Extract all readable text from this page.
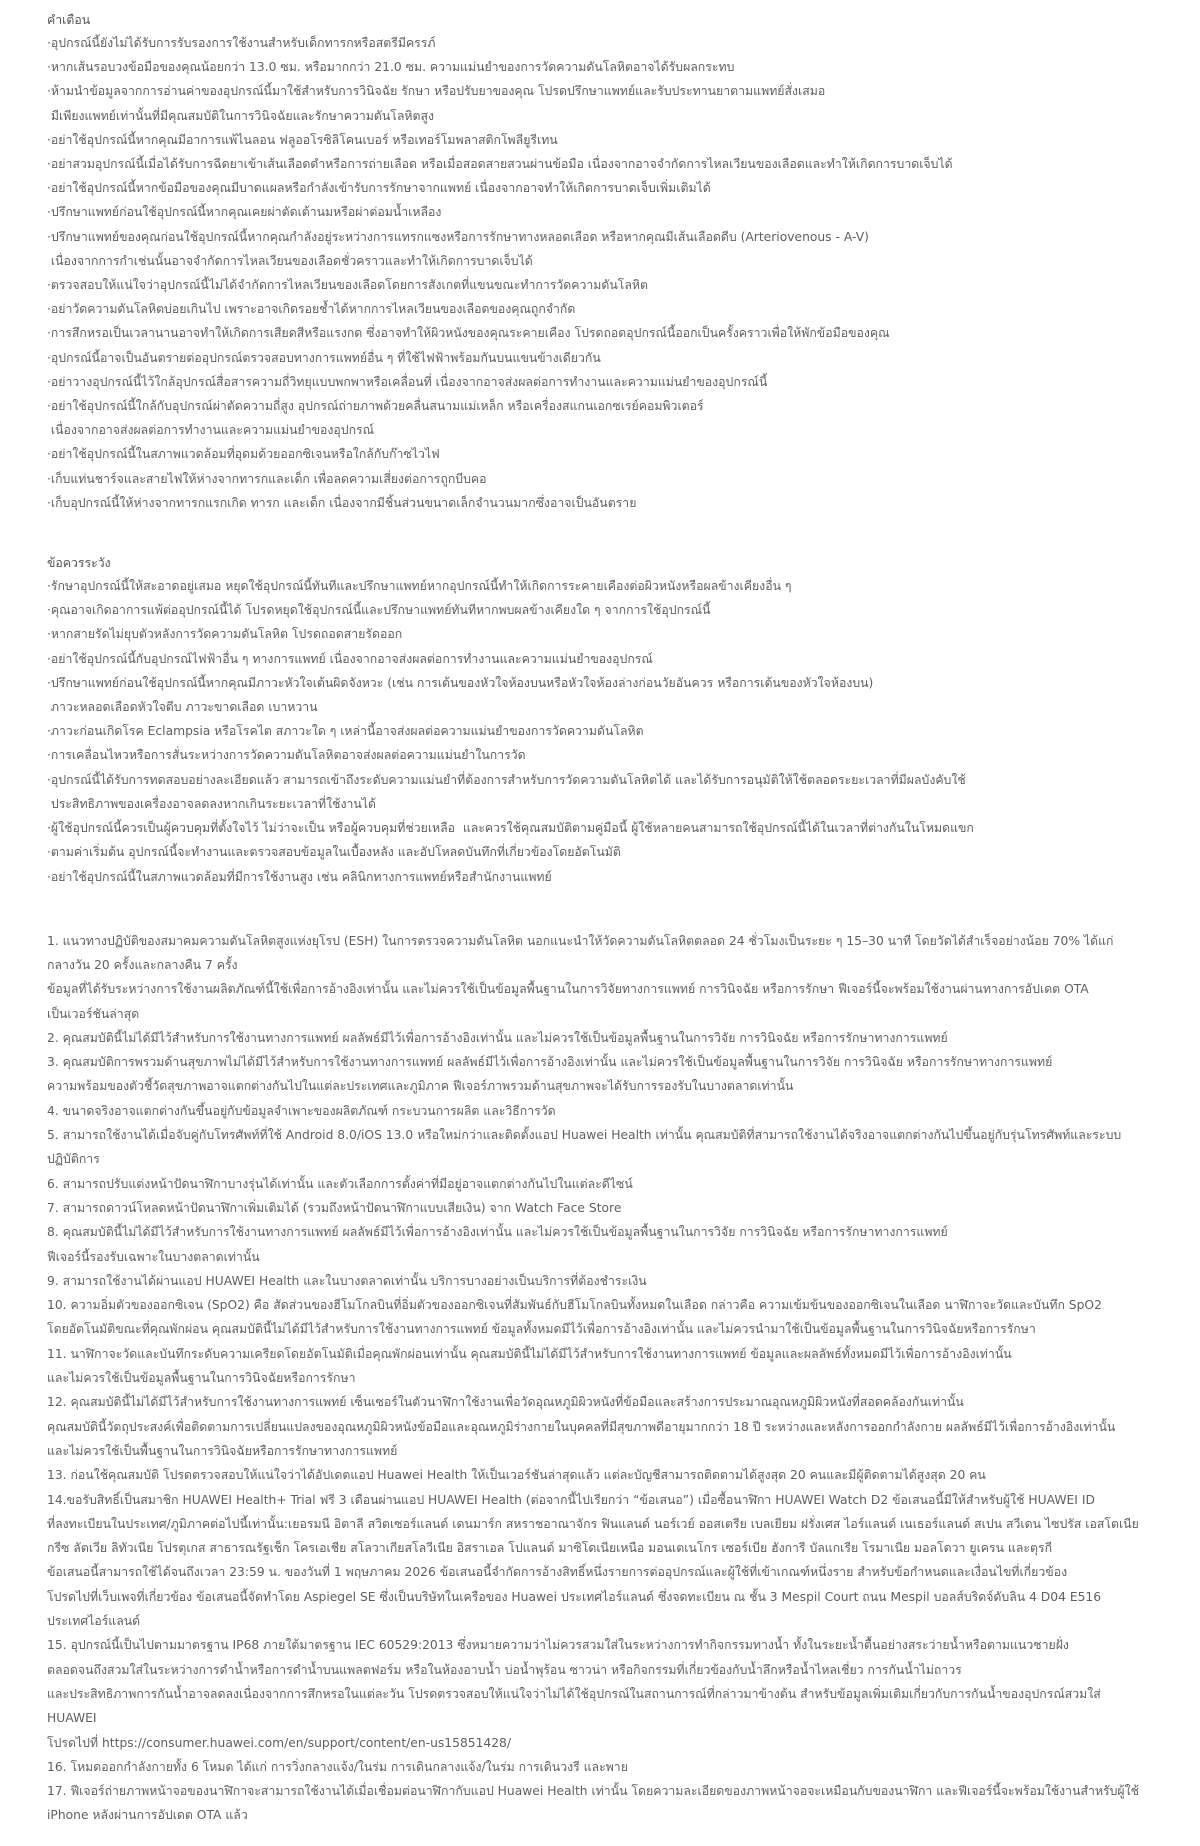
คำเตือน

·อุปกรณ์นี้ยังไม่ได้รับการรับรองการใช้งานสำหรับเด็กทารกหรือสตรีมีครรภ์

·หากเส้นรอบวงข้อมือของคุณน้อยกว่า 13.0 ซม. หรือมากกว่า 21.0 ซม. ความแม่นยำของการวัดความดันโลหิตอาจได้รับผลกระทบ

·ห้ามนำข้อมูลจากการอ่านค่าของอุปกรณ์นี้มาใช้สำหรับการวินิจฉัย รักษา หรือปรับยาของคุณ โปรดปรึกษาแพทย์และรับประทานยาตามแพทย์สั่งเสมอ

มีเพียงแพทย์เท่านั้นที่มีคุณสมบัติในการวินิจฉัยและรักษาความดันโลหิตสูง

·อย่าใช้อุปกรณ์นี้หากคุณมีอาการแพ้ไนลอน ฟลูออโรซิลิโคนเบอร์ หรือเทอร์โมพลาสติกโพลียูรีเทน

·อย่าสวมอุปกรณ์นี้เมื่อได้รับการฉีดยาเข้าเส้นเลือดดำหรือการถ่ายเลือด หรือเมื่อสอดสายสวนผ่านข้อมือ เนื่องจากอาจจำกัดการไหลเวียนของเลือดและทำให้เกิดการบาดเจ็บได้

·อย่าใช้อุปกรณ์นี้หากข้อมือของคุณมีบาดแผลหรือกำลังเข้ารับการรักษาจากแพทย์ เนื่องจากอาจทำให้เกิดการบาดเจ็บเพิ่มเติมได้

·ปรึกษาแพทย์ก่อนใช้อุปกรณ์นี้หากคุณเคยผ่าตัดเต้านมหรือผ่าต่อมน้ำเหลือง

·ปรึกษาแพทย์ของคุณก่อนใช้อุปกรณ์นี้หากคุณกำลังอยู่ระหว่างการแทรกแซงหรือการรักษาทางหลอดเลือด หรือหากคุณมีเส้นเลือดดีบ (Arteriovenous - A-V)

เนื่องจากการกำเช่นนั้นอาจจำกัดการไหลเวียนของเลือดชั่วคราวและทำให้เกิดการบาดเจ็บได้

·ตรวจสอบให้แน่ใจว่าอุปกรณ์นี้ไม่ได้จำกัดการไหลเวียนของเลือดโดยการสังเกตที่แขนขณะทำการวัดความดันโลหิต

·อย่าวัดความดันโลหิตบ่อยเกินไป เพราะอาจเกิดรอยช้ำได้หากการไหลเวียนของเลือดของคุณถูกจำกัด

·การสึกหรอเป็นเวลานานอาจทำให้เกิดการเสียดสีหรือแรงกด ซึ่งอาจทำให้ผิวหนังของคุณระคายเคือง โปรดถอดอุปกรณ์นี้ออกเป็นครั้งคราวเพื่อให้พักข้อมือของคุณ

·อุปกรณ์นี้อาจเป็นอันตรายต่ออุปกรณ์ตรวจสอบทางการแพทย์อื่น ๆ ที่ใช้ไฟฟ้าพร้อมกันบนแขนข้างเดียวกัน

·อย่าวางอุปกรณ์นี้ไว้ใกล้อุปกรณ์สื่อสารความถี่วิทยุแบบพกพาหรือเคลื่อนที่ เนื่องจากอาจส่งผลต่อการทำงานและความแม่นยำของอุปกรณ์นี้

·อย่าใช้อุปกรณ์นี้ใกล้กับอุปกรณ์ผ่าตัดความถี่สูง อุปกรณ์ถ่ายภาพด้วยคลื่นสนามแม่เหล็ก หรือเครื่องสแกนเอกซเรย์คอมพิวเตอร์

เนื่องจากอาจส่งผลต่อการทำงานและความแม่นยำของอุปกรณ์

·อย่าใช้อุปกรณ์นี้ในสภาพแวดล้อมที่อุดมด้วยออกซิเจนหรือใกล้กับก๊าซไวไฟ

·เก็บแท่นชาร์จและสายไฟให้ห่างจากทารกและเด็ก เพื่อลดความเสี่ยงต่อการถูกบีบคอ

·เก็บอุปกรณ์นี้ให้ห่างจากทารกแรกเกิด ทารก และเด็ก เนื่องจากมีชิ้นส่วนขนาดเล็กจำนวนมากซึ่งอาจเป็นอันตราย

ข้อควรระวัง

·รักษาอุปกรณ์นี้ให้สะอาดอยู่เสมอ หยุดใช้อุปกรณ์นี้ทันทีและปรึกษาแพทย์หากอุปกรณ์นี้ทำให้เกิดการระคายเคืองต่อผิวหนังหรือผลข้างเคียงอื่น ๆ

·คุณอาจเกิดอาการแพ้ต่ออุปกรณ์นี้ได้ โปรดหยุดใช้อุปกรณ์นี้และปรึกษาแพทย์ทันทีหากพบผลข้างเคียงใด ๆ จากการใช้อุปกรณ์นี้

·หากสายรัดไม่ยุบตัวหลังการวัดความดันโลหิต โปรดถอดสายรัดออก

·อย่าใช้อุปกรณ์นี้กับอุปกรณ์ไฟฟ้าอื่น ๆ ทางการแพทย์ เนื่องจากอาจส่งผลต่อการทำงานและความแม่นยำของอุปกรณ์

·ปรึกษาแพทย์ก่อนใช้อุปกรณ์นี้หากคุณมีภาวะหัวใจเต้นผิดจังหวะ (เช่น การเต้นของหัวใจห้องบนหรือหัวใจห้องล่างก่อนวัยอันควร หรือการเต้นของหัวใจห้องบน)

ภาวะหลอดเลือดหัวใจตีบ ภาวะขาดเลือด เบาหวาน

·ภาวะก่อนเกิดโรค Eclampsia หรือโรคไต สภาวะใด ๆ เหล่านี้อาจส่งผลต่อความแม่นยำของการวัดความดันโลหิต

·การเคลื่อนไหวหรือการสั่นระหว่างการวัดความดันโลหิตอาจส่งผลต่อความแม่นยำในการวัด

·อุปกรณ์นี้ได้รับการทดสอบอย่างละเอียดแล้ว สามารถเข้าถึงระดับความแม่นยำที่ต้องการสำหรับการวัดความดันโลหิตได้ และได้รับการอนุมัติให้ใช้ตลอดระยะเวลาที่มีผลบังคับใช้

ประสิทธิภาพของเครื่องอาจลดลงหากเกินระยะเวลาที่ใช้งานได้

·ผู้ใช้อุปกรณ์นี้ควรเป็นผู้ควบคุมที่ตั้งใจไว้ ไม่ว่าจะเป็น หรือผู้ควบคุมที่ช่วยเหลือ  และควรใช้คุณสมบัติตามคู่มือนี้ ผู้ใช้หลายคนสามารถใช้อุปกรณ์นี้ได้ในเวลาที่ต่างกันในโหมดแขก

·ตามค่าเริ่มต้น อุปกรณ์นี้จะทำงานและตรวจสอบข้อมูลในเบื้องหลัง และอัปโหลดบันทึกที่เกี่ยวข้องโดยอัตโนมัติ

·อย่าใช้อุปกรณ์นี้ในสภาพแวดล้อมที่มีการใช้งานสูง เช่น คลินิกทางการแพทย์หรือสำนักงานแพทย์

1. แนวทางปฏิบัติของสมาคมความดันโลหิตสูงแห่งยุโรป (ESH) ในการตรวจความดันโลหิต นอกแนะนำให้วัดความดันโลหิตตลอด 24 ชั่วโมงเป็นระยะ ๆ 15–30 นาที โดยวัดได้สำเร็จอย่างน้อย 70% ได้แก่

กลางวัน 20 ครั้งและกลางคืน 7 ครั้ง

ข้อมูลที่ได้รับระหว่างการใช้งานผลิตภัณฑ์นี้ใช้เพื่อการอ้างอิงเท่านั้น และไม่ควรใช้เป็นข้อมูลพื้นฐานในการวิจัยทางการแพทย์ การวินิจฉัย หรือการรักษา ฟีเจอร์นี้จะพร้อมใช้งานผ่านทางการอัปเดต OTA

เป็นเวอร์ชันล่าสุด

2. คุณสมบัตินี้ไม่ได้มีไว้สำหรับการใช้งานทางการแพทย์ ผลลัพธ์มีไว้เพื่อการอ้างอิงเท่านั้น และไม่ควรใช้เป็นข้อมูลพื้นฐานในการวิจัย การวินิจฉัย หรือการรักษาทางการแพทย์

3. คุณสมบัติการพรวมด้านสุขภาพไม่ได้มีไว้สำหรับการใช้งานทางการแพทย์ ผลลัพธ์มีไว้เพื่อการอ้างอิงเท่านั้น และไม่ควรใช้เป็นข้อมูลพื้นฐานในการวิจัย การวินิจฉัย หรือการรักษาทางการแพทย์

ความพร้อมของตัวชี้วัดสุขภาพอาจแตกต่างกันไปในแต่ละประเทศและภูมิภาค ฟีเจอร์ภาพรวมด้านสุขภาพจะได้รับการรองรับในบางตลาดเท่านั้น

4. ขนาดจริงอาจแตกต่างกันขึ้นอยู่กับข้อมูลจำเพาะของผลิตภัณฑ์ กระบวนการผลิต และวิธีการวัด

5. สามารถใช้งานได้เมื่อจับคู่กับโทรศัพท์ที่ใช้ Android 8.0/iOS 13.0 หรือใหม่กว่าและติดตั้งแอป Huawei Health เท่านั้น คุณสมบัติที่สามารถใช้งานได้จริงอาจแตกต่างกันไปขึ้นอยู่กับรุ่นโทรศัพท์และระบบปฏิบัติการ

6. สามารถปรับแต่งหน้าปัดนาฬิกาบางรุ่นได้เท่านั้น และตัวเลือกการตั้งค่าที่มีอยู่อาจแตกต่างกันไปในแต่ละดีไซน์

7. สามารถดาวน์โหลดหน้าปัดนาฬิกาเพิ่มเติมได้ (รวมถึงหน้าปัดนาฬิกาแบบเสียเงิน) จาก Watch Face Store

8. คุณสมบัตินี้ไม่ได้มีไว้สำหรับการใช้งานทางการแพทย์ ผลลัพธ์มีไว้เพื่อการอ้างอิงเท่านั้น และไม่ควรใช้เป็นข้อมูลพื้นฐานในการวิจัย การวินิจฉัย หรือการรักษาทางการแพทย์

ฟีเจอร์นี้รองรับเฉพาะในบางตลาดเท่านั้น

9. สามารถใช้งานได้ผ่านแอป HUAWEI Health และในบางตลาดเท่านั้น บริการบางอย่างเป็นบริการที่ต้องชำระเงิน

10. ความอิ่มตัวของออกซิเจน (SpO2) คือ สัดส่วนของฮีโมโกลบินที่อิ่มตัวของออกซิเจนที่สัมพันธ์กับฮีโมโกลบินทั้งหมดในเลือด กล่าวคือ ความเข้มข้นของออกซิเจนในเลือด นาฬิกาจะวัดและบันทึก SpO2

โดยอัตโนมัติขณะที่คุณพักผ่อน คุณสมบัตินี้ไม่ได้มีไว้สำหรับการใช้งานทางการแพทย์ ข้อมูลทั้งหมดมีไว้เพื่อการอ้างอิงเท่านั้น และไม่ควรนำมาใช้เป็นข้อมูลพื้นฐานในการวินิจฉัยหรือการรักษา

11. นาฬิกาจะวัดและบันทึกระดับความเครียดโดยอัตโนมัติเมื่อคุณพักผ่อนเท่านั้น คุณสมบัตินี้ไม่ได้มีไว้สำหรับการใช้งานทางการแพทย์ ข้อมูลและผลลัพธ์ทั้งหมดมีไว้เพื่อการอ้างอิงเท่านั้น

และไม่ควรใช้เป็นข้อมูลพื้นฐานในการวินิจฉัยหรือการรักษา

12. คุณสมบัตินี้ไม่ได้มีไว้สำหรับการใช้งานทางการแพทย์ เซ็นเซอร์ในตัวนาฬิกาใช้งานเพื่อวัดอุณหภูมิผิวหนังที่ข้อมือและสร้างการประมาณอุณหภูมิผิวหนังที่สอดคล้องกันเท่านั้น

คุณสมบัตินี้วัตถุประสงค์เพื่อติดตามการเปลี่ยนแปลงของอุณหภูมิผิวหนังข้อมือและอุณหภูมิร่างกายในบุคคลที่มีสุขภาพดีอายุมากกว่า 18 ปี ระหว่างและหลังการออกกำลังกาย ผลลัพธ์มีไว้เพื่อการอ้างอิงเท่านั้น

และไม่ควรใช้เป็นพื้นฐานในการวินิจฉัยหรือการรักษาทางการแพทย์

13. ก่อนใช้คุณสมบัติ โปรดตรวจสอบให้แน่ใจว่าได้อัปเดตแอป Huawei Health ให้เป็นเวอร์ชันล่าสุดแล้ว แต่ละบัญชีสามารถติดตามได้สูงสุด 20 คนและมีผู้ติดตามได้สูงสุด 20 คน

14.ขอรับสิทธิ์เป็นสมาชิก HUAWEI Health+ Trial ฟรี 3 เดือนผ่านแอป HUAWEI Health (ต่อจากนี้ไปเรียกว่า “ข้อเสนอ”) เมื่อซื้อนาฬิกา HUAWEI Watch D2 ข้อเสนอนี้มีให้สำหรับผู้ใช้ HUAWEI ID

ที่ลงทะเบียนในประเทศ/ภูมิภาคต่อไปนี้เท่านั้น:เยอรมนี อิตาลี สวิตเซอร์แลนด์ เดนมาร์ก สหราชอาณาจักร ฟินแลนด์ นอร์เวย์ ออสเตรีย เบลเยียม ฝรั่งเศส ไอร์แลนด์ เนเธอร์แลนด์ สเปน สวีเดน ไซปรัส เอสโตเนีย

กรีซ ลัตเวีย ลิทัวเนีย โปรตุเกส สาธารณรัฐเช็ก โครเอเชีย สโลวาเกียสโลวีเนีย อิสราเอล โปแลนด์ มาซิโดเนียเหนือ มอนเตเนโกร เซอร์เบีย ฮังการี บัลแกเรีย โรมาเนีย มอลโดวา ยูเครน และตุรกี

ข้อเสนอนี้สามารถใช้ได้จนถึงเวลา 23:59 น. ของวันที่ 1 พฤษภาคม 2026 ข้อเสนอนี้จำกัดการอ้างสิทธิ์หนึ่งรายการต่ออุปกรณ์และผู้ใช้ที่เข้าเกณฑ์หนึ่งราย สำหรับข้อกำหนดและเงื่อนไขที่เกี่ยวข้อง

โปรดไปที่เว็บเพจที่เกี่ยวข้อง ข้อเสนอนี้จัดทำโดย Aspiegel SE ซึ่งเป็นบริษัทในเครือของ Huawei ประเทศไอร์แลนด์ ซึ่งจดทะเบียน ณ ชั้น 3 Mespil Court ถนน Mespil บอลส์บริดจ์ดับลิน 4 D04 E516

ประเทศไอร์แลนด์

15. อุปกรณ์นี้เป็นไปตามมาตรฐาน IP68 ภายใต้มาตรฐาน IEC 60529:2013 ซึ่งหมายความว่าไม่ควรสวมใส่ในระหว่างการทำกิจกรรมทางน้ำ ทั้งในระยะน้ำตื้นอย่างสระว่ายน้ำหรือตามแนวชายฝั่ง

ตลอดจนถึงสวมใส่ในระหว่างการดำน้ำหรือการดำน้ำบนแพลตฟอร์ม หรือในห้องอาบน้ำ บ่อน้ำพุร้อน ซาวน่า หรือกิจกรรมที่เกี่ยวข้องกับน้ำลึกหรือน้ำไหลเชี่ยว การกันน้ำไม่ถาวร

และประสิทธิภาพการกันน้ำอาจลดลงเนื่องจากการสึกหรอในแต่ละวัน โปรดตรวจสอบให้แน่ใจว่าไม่ได้ใช้อุปกรณ์ในสถานการณ์ที่กล่าวมาข้างต้น สำหรับข้อมูลเพิ่มเติมเกี่ยวกับการกันน้ำของอุปกรณ์สวมใส่ HUAWEI

โปรดไปที่ https://consumer.huawei.com/en/support/content/en-us15851428/

16. โหมดออกกำลังกายทั้ง 6 โหมด ได้แก่ การวิ่งกลางแจ้ง/ในร่ม การเดินกลางแจ้ง/ในร่ม การเดินวงรี และพาย

17. ฟีเจอร์ถ่ายภาพหน้าจอของนาฬิกาจะสามารถใช้งานได้เมื่อเชื่อมต่อนาฬิกากับแอป Huawei Health เท่านั้น โดยความละเอียดของภาพหน้าจอจะเหมือนกับของนาฬิกา และฟีเจอร์นี้จะพร้อมใช้งานสำหรับผู้ใช้

iPhone หลังผ่านการอัปเดต OTA แล้ว
